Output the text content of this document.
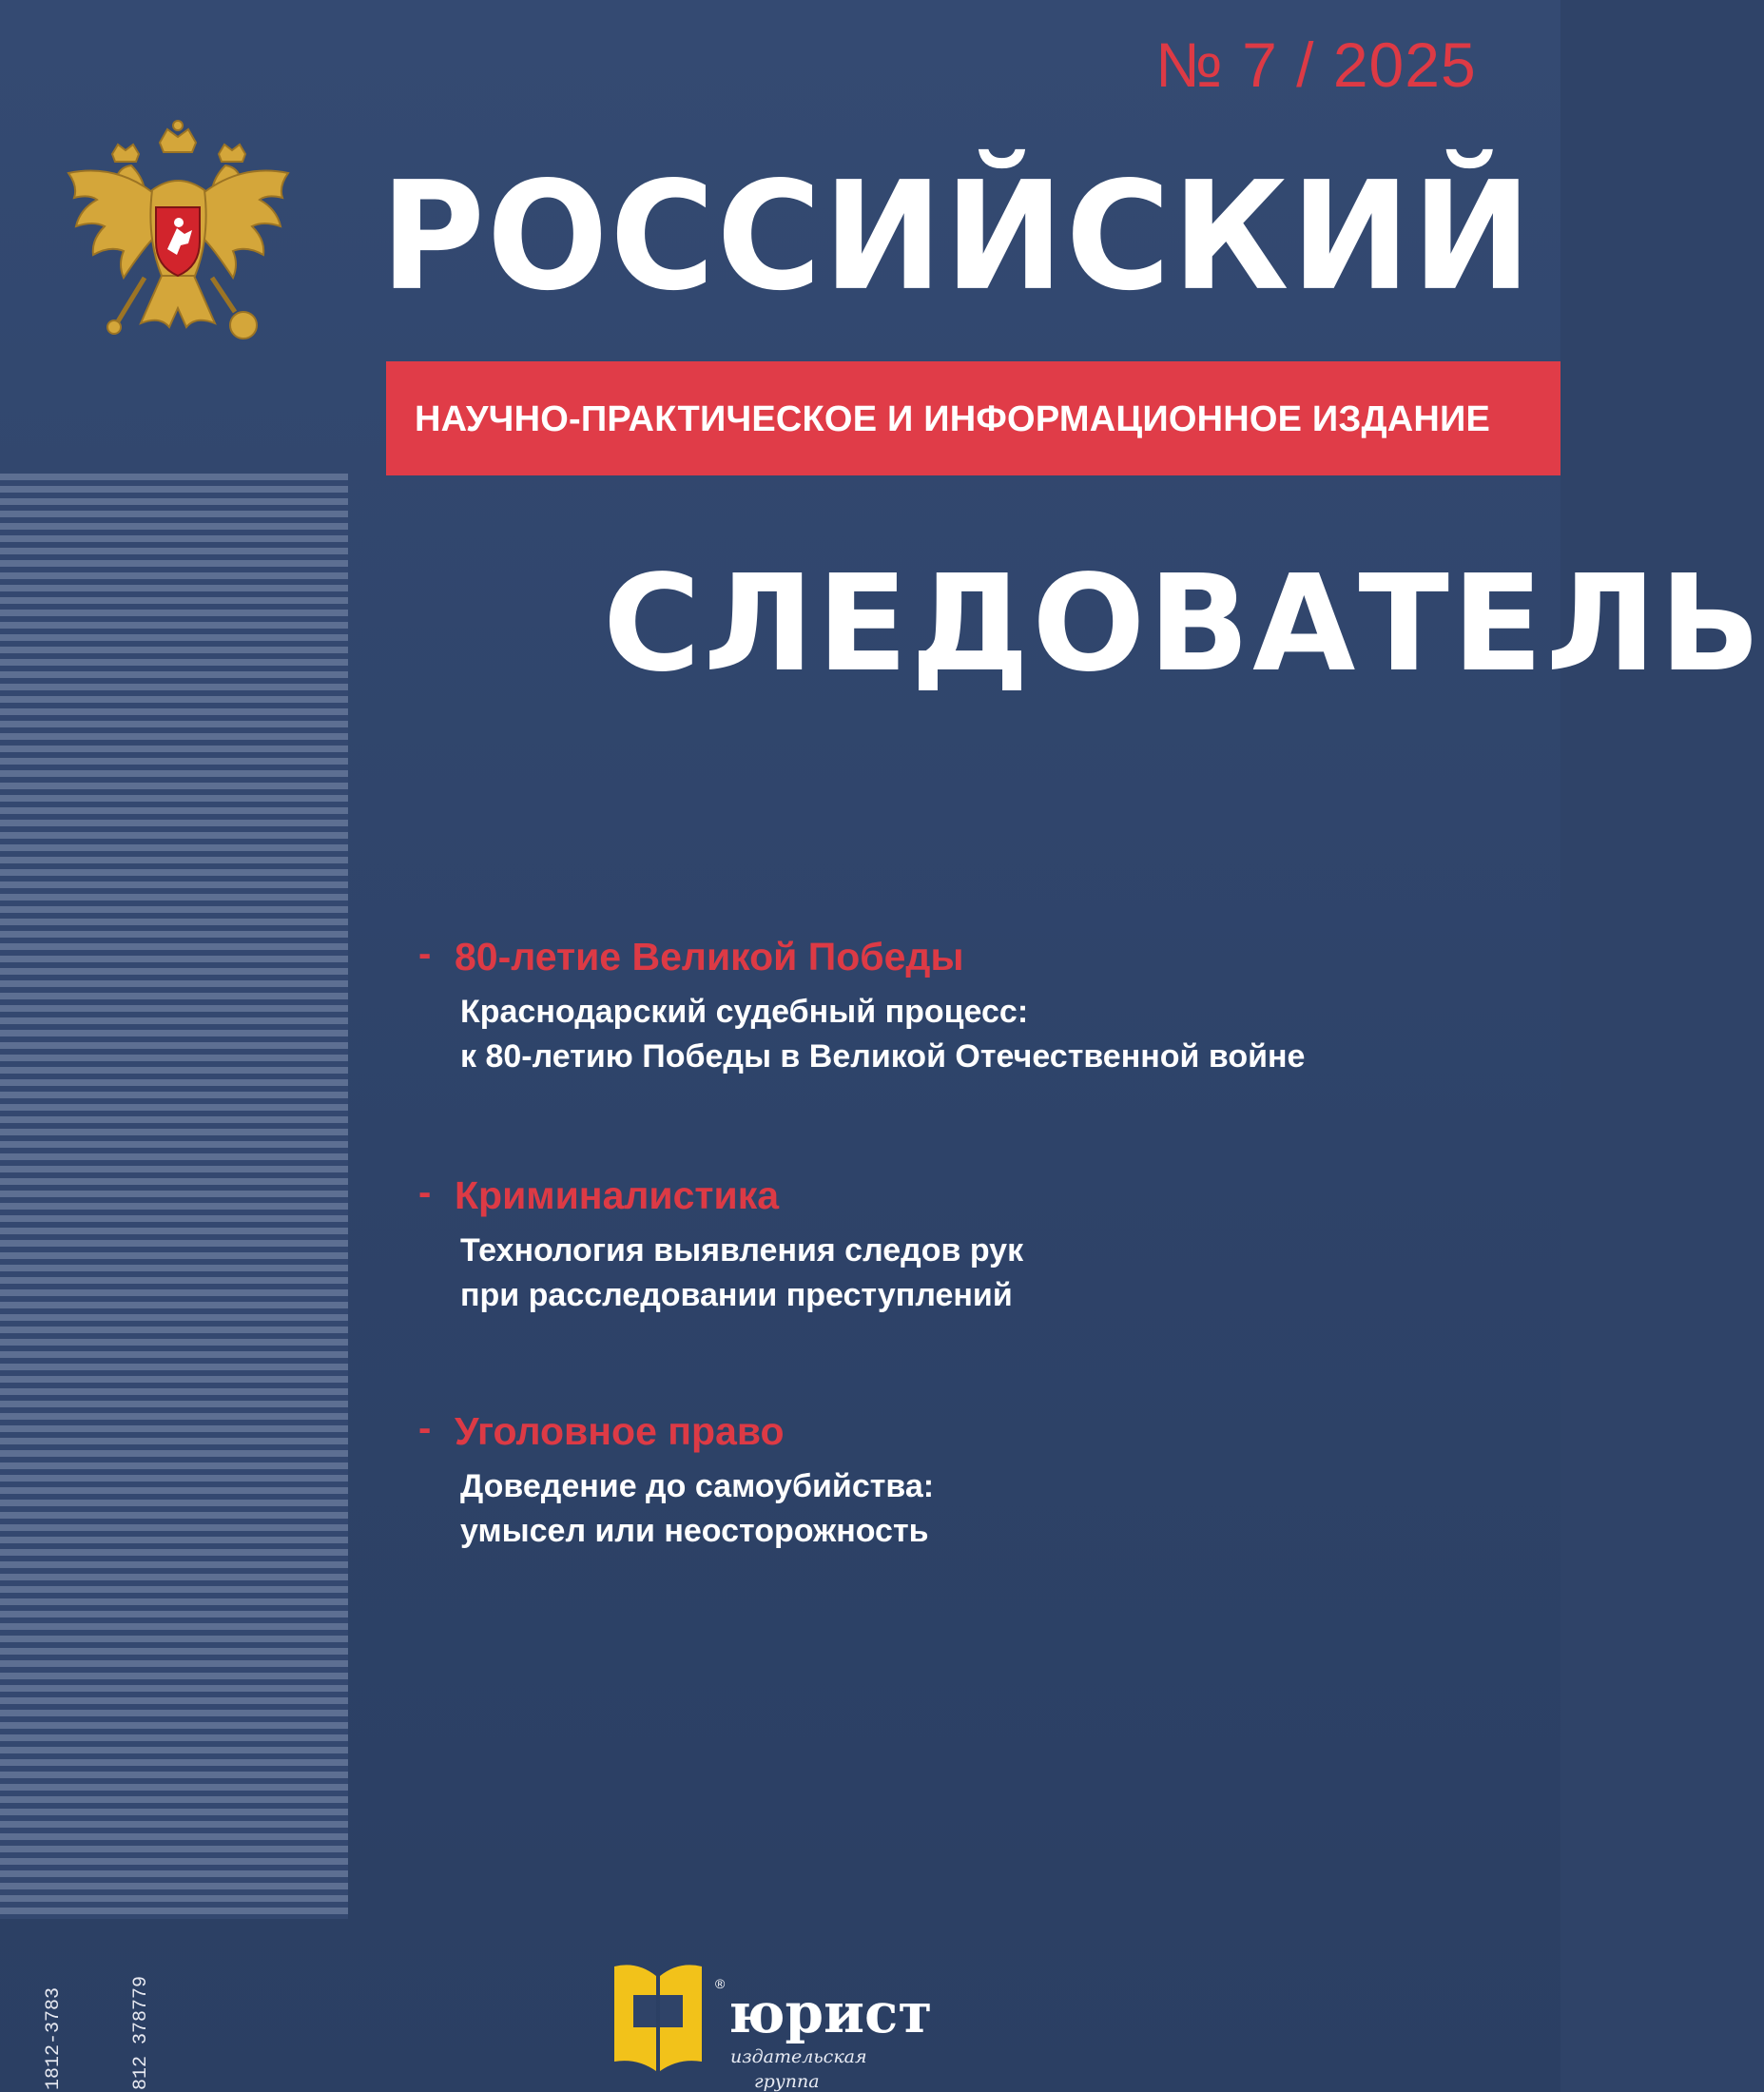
№ 7 / 2025
РОССИЙСКИЙ
НАУЧНО-ПРАКТИЧЕСКОЕ И ИНФОРМАЦИОННОЕ ИЗДАНИЕ
СЛЕДОВАТЕЛЬ
- 80-летие Великой Победы
Краснодарский судебный процесс:
к 80-летию Победы в Великой Отечественной войне
- Криминалистика
Технология выявления следов рук
при расследовании преступлений
- Уголовное право
Доведение до самоубийства:
умысел или неосторожность
1812-3783	812 378779	® юрист
издательская
группа
